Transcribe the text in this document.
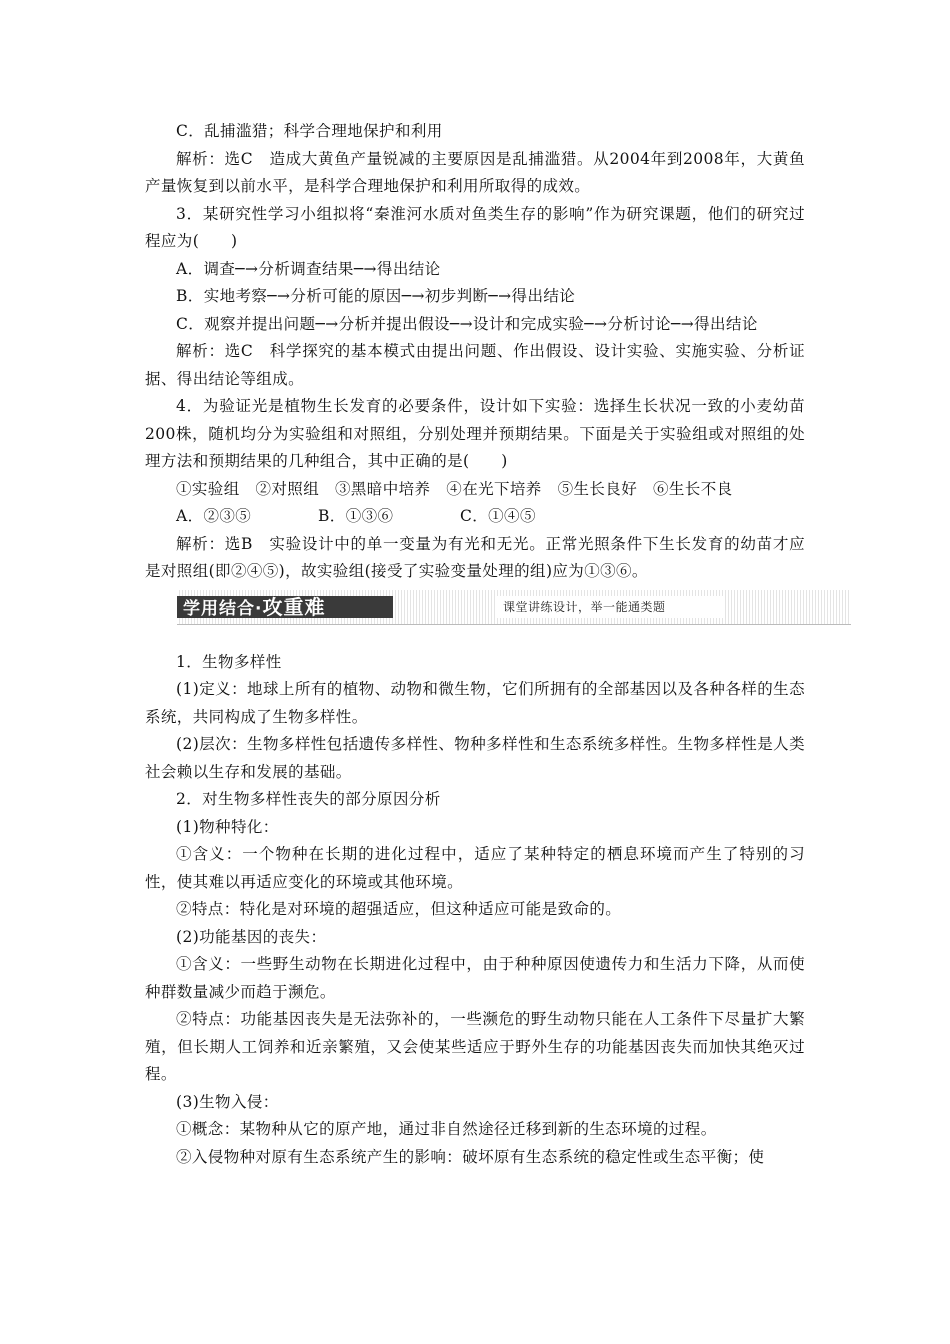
C．乱捕滥猎；科学合理地保护和利用

解析：选C　造成大黄鱼产量锐减的主要原因是乱捕滥猎。从2004年到2008年，大黄鱼产量恢复到以前水平，是科学合理地保护和利用所取得的成效。

3．某研究性学习小组拟将“秦淮河水质对鱼类生存的影响”作为研究课题，他们的研究过程应为(　　)

A．调查─→分析调查结果─→得出结论

B．实地考察─→分析可能的原因─→初步判断─→得出结论

C．观察并提出问题─→分析并提出假设─→设计和完成实验─→分析讨论─→得出结论

解析：选C　科学探究的基本模式由提出问题、作出假设、设计实验、实施实验、分析证据、得出结论等组成。

4．为验证光是植物生长发育的必要条件，设计如下实验：选择生长状况一致的小麦幼苗200株，随机均分为实验组和对照组，分别处理并预期结果。下面是关于实验组或对照组的处理方法和预期结果的几种组合，其中正确的是(　　)

①实验组　②对照组　③黑暗中培养　④在光下培养　⑤生长良好　⑥生长不良

A．②③⑤	B．①③⑥	C．①④⑤

解析：选B　实验设计中的单一变量为有光和无光。正常光照条件下生长发育的幼苗才应是对照组(即②④⑤)，故实验组(接受了实验变量处理的组)应为①③⑥。

学用结合·攻重难	课堂讲练设计，举一能通类题

1．生物多样性

(1)定义：地球上所有的植物、动物和微生物，它们所拥有的全部基因以及各种各样的生态系统，共同构成了生物多样性。

(2)层次：生物多样性包括遗传多样性、物种多样性和生态系统多样性。生物多样性是人类社会赖以生存和发展的基础。

2．对生物多样性丧失的部分原因分析

(1)物种特化：

①含义：一个物种在长期的进化过程中，适应了某种特定的栖息环境而产生了特别的习性，使其难以再适应变化的环境或其他环境。

②特点：特化是对环境的超强适应，但这种适应可能是致命的。

(2)功能基因的丧失：

①含义：一些野生动物在长期进化过程中，由于种种原因使遗传力和生活力下降，从而使种群数量减少而趋于濒危。

②特点：功能基因丧失是无法弥补的，一些濒危的野生动物只能在人工条件下尽量扩大繁殖，但长期人工饲养和近亲繁殖，又会使某些适应于野外生存的功能基因丧失而加快其绝灭过程。

(3)生物入侵：

①概念：某物种从它的原产地，通过非自然途径迁移到新的生态环境的过程。

②入侵物种对原有生态系统产生的影响：破坏原有生态系统的稳定性或生态平衡；使
